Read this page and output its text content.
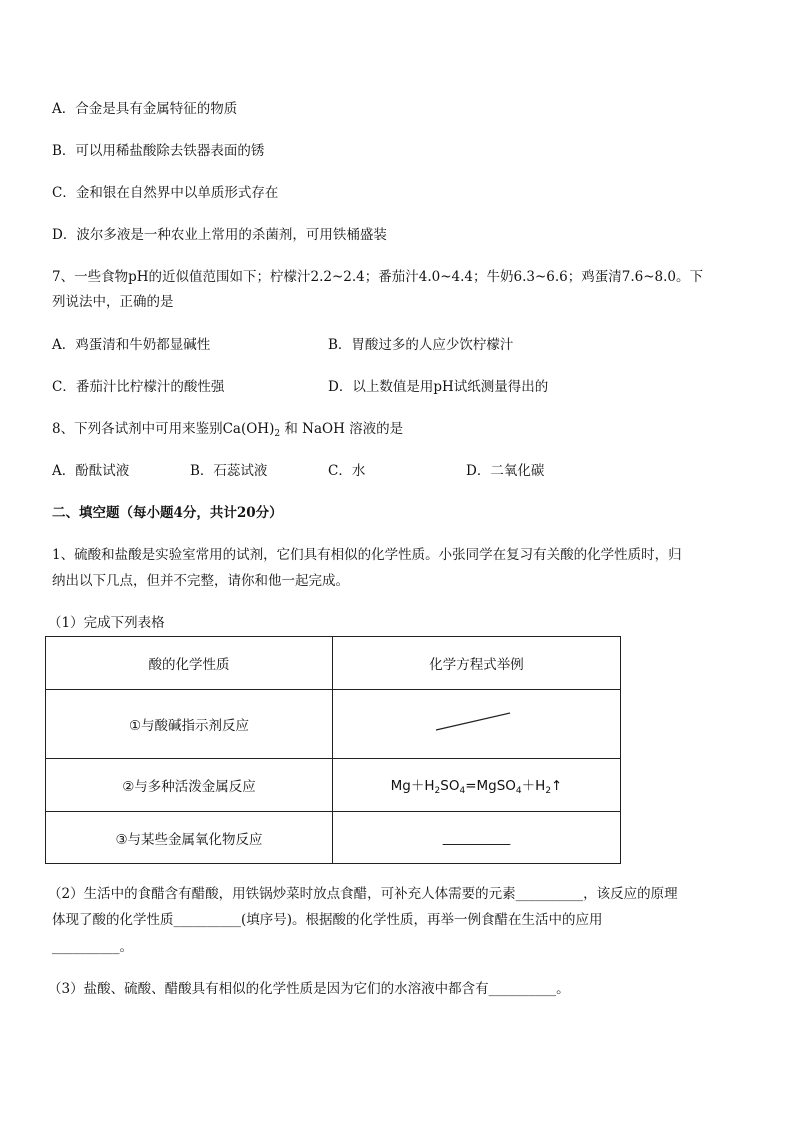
A．合金是具有金属特征的物质
B．可以用稀盐酸除去铁器表面的锈
C．金和银在自然界中以单质形式存在
D．波尔多液是一种农业上常用的杀菌剂，可用铁桶盛装
7、一些食物pH的近似值范围如下；柠檬汁2.2~2.4；番茄汁4.0~4.4；牛奶6.3~6.6；鸡蛋清7.6~8.0。下
列说法中，正确的是
A．鸡蛋清和牛奶都显碱性	B．胃酸过多的人应少饮柠檬汁
C．番茄汁比柠檬汁的酸性强	D．以上数值是用pH试纸测量得出的
8、下列各试剂中可用来鉴别$Ca(OH)_2$ 和 NaOH 溶液的是
A．酚酞试液	B．石蕊试液	C．水	D．二氧化碳
二、填空题（每小题4分，共计20分）
1、硫酸和盐酸是实验室常用的试剂，它们具有相似的化学性质。小张同学在复习有关酸的化学性质时，归
纳出以下几点，但并不完整，请你和他一起完成。
（1）完成下列表格
酸的化学性质	化学方程式举例
①与酸碱指示剂反应	
②与多种活泼金属反应	$Mg+H_2SO_4=MgSO_4+H_2↑$
③与某些金属氧化物反应	__________
（2）生活中的食醋含有醋酸，用铁锅炒菜时放点食醋，可补充人体需要的元素__________，该反应的原理
体现了酸的化学性质__________(填序号)。根据酸的化学性质，再举一例食醋在生活中的应用
__________。
（3）盐酸、硫酸、醋酸具有相似的化学性质是因为它们的水溶液中都含有__________。
